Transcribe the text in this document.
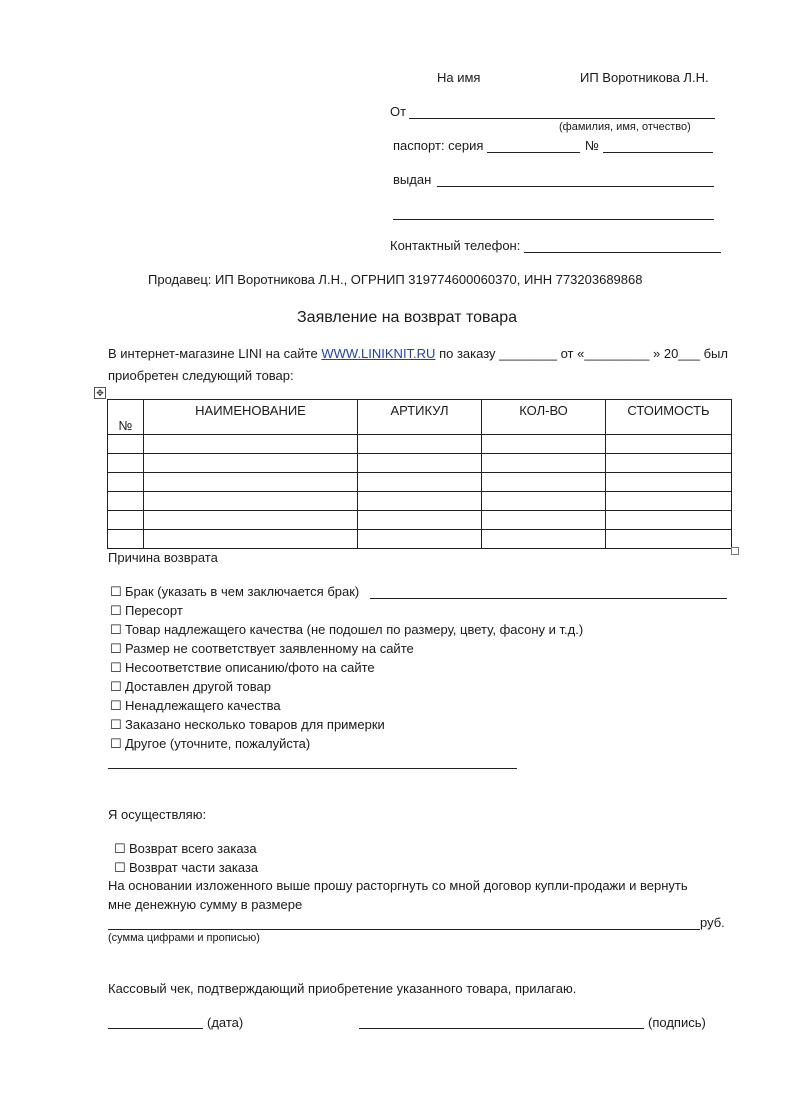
На имя	ИП Воротникова Л.Н.
От
(фамилия, имя, отчество)
паспорт: серия	№
выдан
Контактный телефон:
Продавец: ИП Воротникова Л.Н., ОГРНИП 319774600060370, ИНН 773203689868
Заявление на возврат товара
В интернет-магазине LINI на сайте WWW.LINIKNIT.RU по заказу ________ от «_________ » 20___ был
приобретен следующий товар:
✥
№	НАИМЕНОВАНИЕ	АРТИКУЛ	КОЛ-ВО	СТОИМОСТЬ

Причина возврата
☐ Брак (указать в чем заключается брак)
☐ Пересорт
☐ Товар надлежащего качества (не подошел по размеру, цвету, фасону и т.д.)
☐ Размер не соответствует заявленному на сайте
☐ Несоответствие описанию/фото на сайте
☐ Доставлен другой товар
☐ Ненадлежащего качества
☐ Заказано несколько товаров для примерки
☐ Другое (уточните, пожалуйста)
Я осуществляю:
☐ Возврат всего заказа
☐ Возврат части заказа
На основании изложенного выше прошу расторгнуть со мной договор купли-продажи и вернуть
мне денежную сумму в размере
руб.
(сумма цифрами и прописью)
Кассовый чек, подтверждающий приобретение указанного товара, прилагаю.
(дата)	(подпись)
